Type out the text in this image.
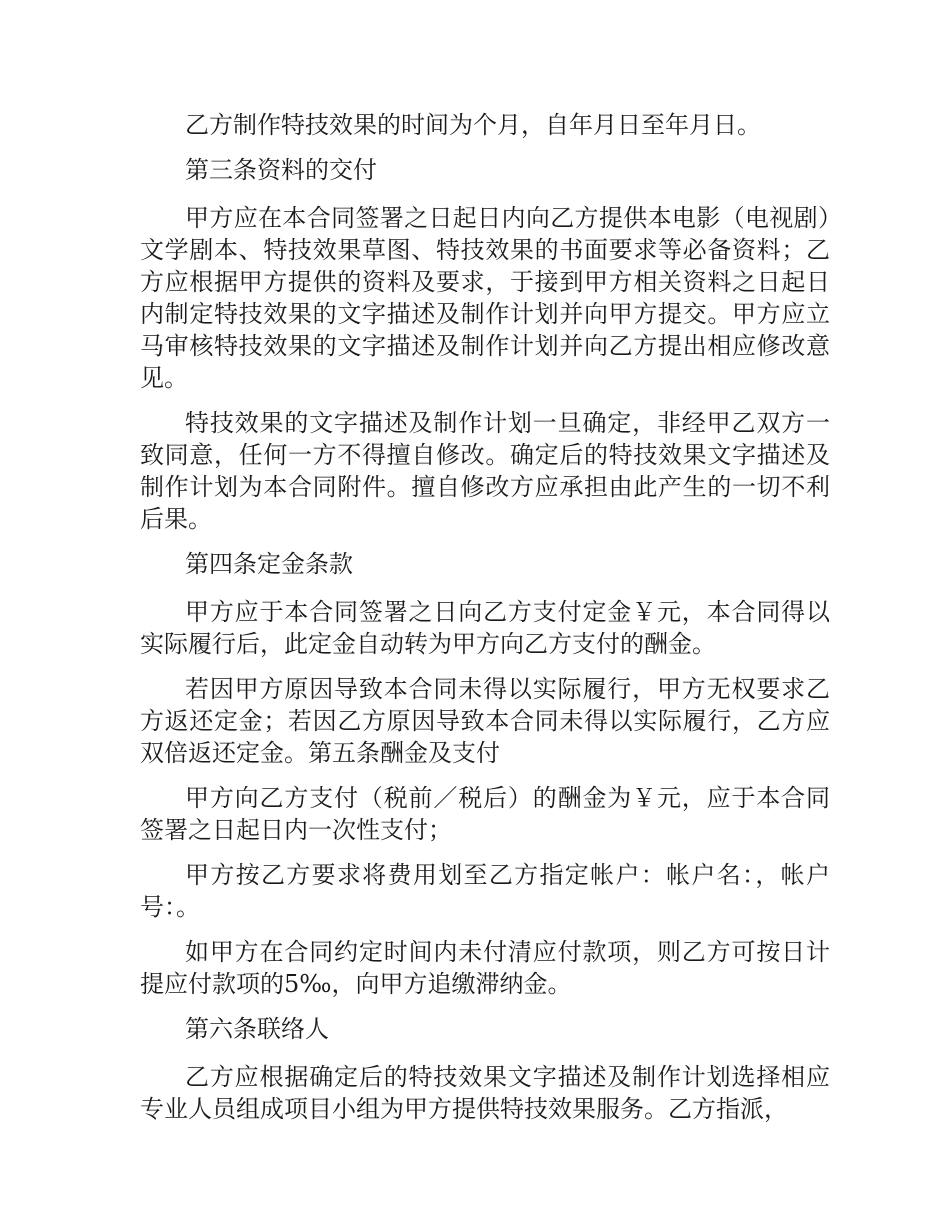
乙方制作特技效果的时间为个月，自年月日至年月日。

第三条资料的交付

甲方应在本合同签署之日起日内向乙方提供本电影（电视剧）文学剧本、特技效果草图、特技效果的书面要求等必备资料；乙方应根据甲方提供的资料及要求，于接到甲方相关资料之日起日内制定特技效果的文字描述及制作计划并向甲方提交。甲方应立马审核特技效果的文字描述及制作计划并向乙方提出相应修改意见。

特技效果的文字描述及制作计划一旦确定，非经甲乙双方一致同意，任何一方不得擅自修改。确定后的特技效果文字描述及制作计划为本合同附件。擅自修改方应承担由此产生的一切不利后果。

第四条定金条款

甲方应于本合同签署之日向乙方支付定金￥元，本合同得以实际履行后，此定金自动转为甲方向乙方支付的酬金。

若因甲方原因导致本合同未得以实际履行，甲方无权要求乙方返还定金；若因乙方原因导致本合同未得以实际履行，乙方应双倍返还定金。第五条酬金及支付

甲方向乙方支付（税前／税后）的酬金为￥元，应于本合同签署之日起日内一次性支付；

甲方按乙方要求将费用划至乙方指定帐户：帐户名：，帐户号：。

如甲方在合同约定时间内未付清应付款项，则乙方可按日计提应付款项的5‰，向甲方追缴滞纳金。

第六条联络人

乙方应根据确定后的特技效果文字描述及制作计划选择相应专业人员组成项目小组为甲方提供特技效果服务。乙方指派，
